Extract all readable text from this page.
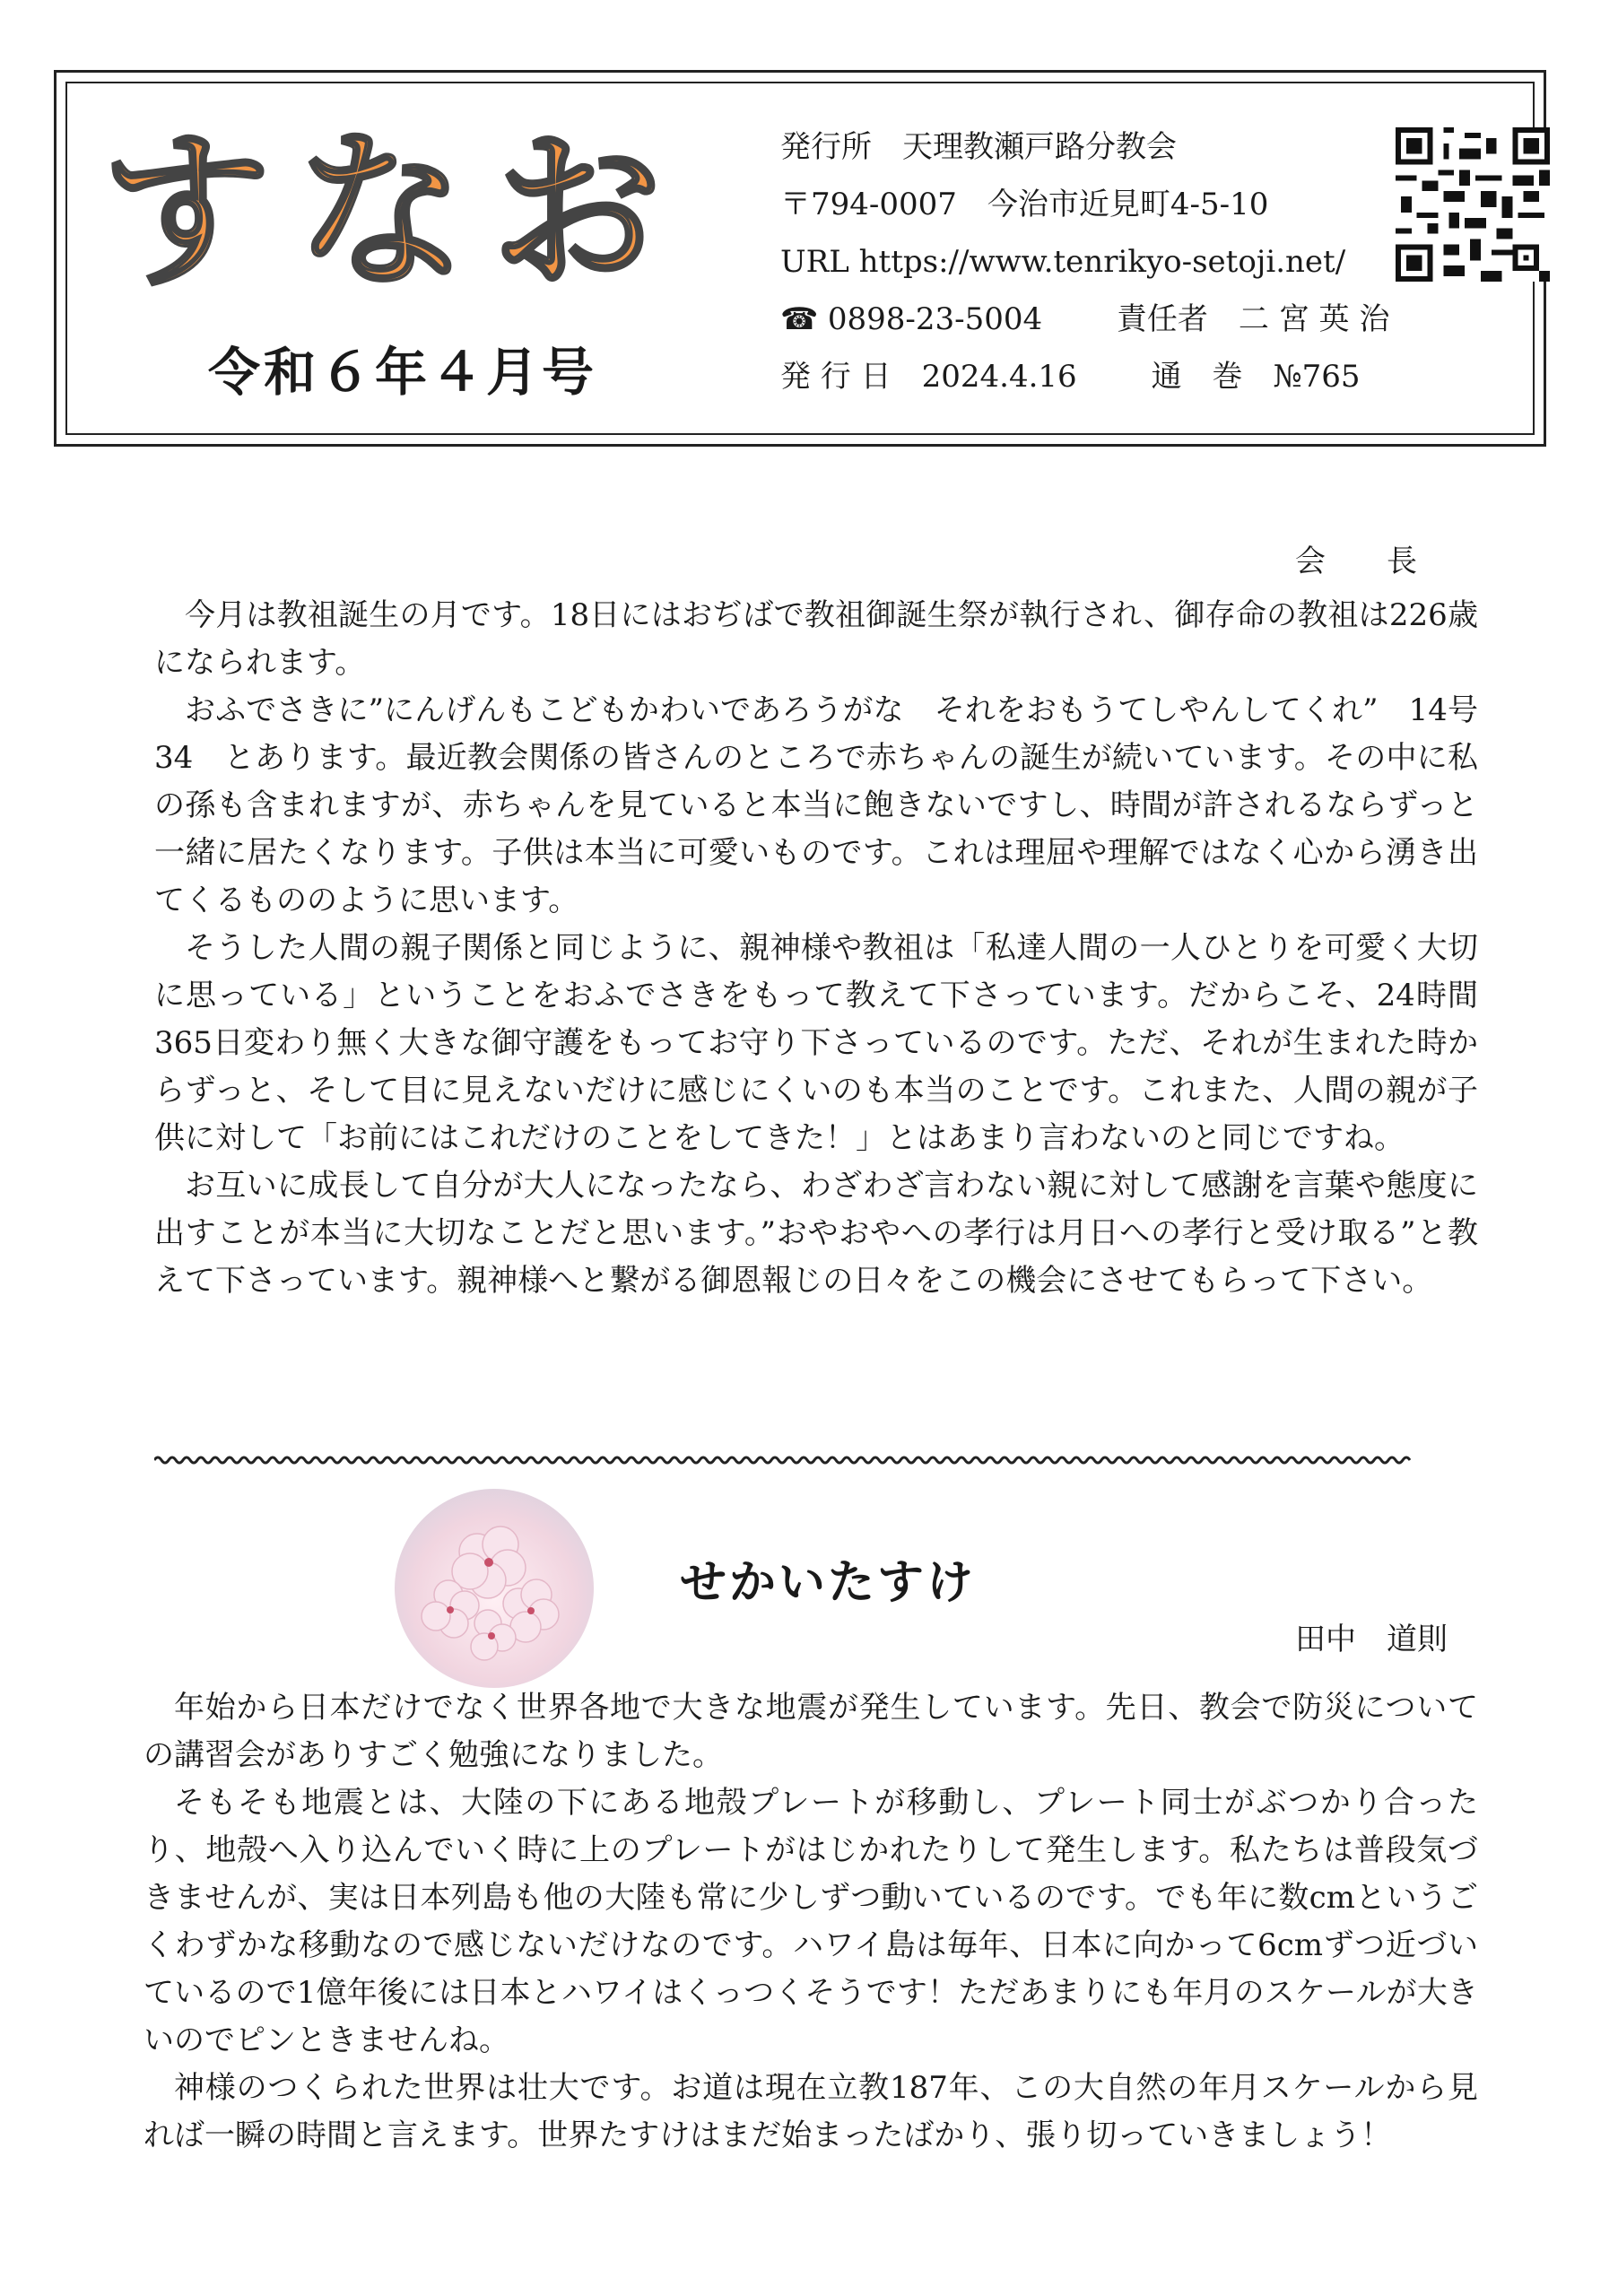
すなお
令和６年４月号
発行所　天理教瀬戸路分教会
〒794-0007　今治市近見町4-5-10
URL https://www.tenrikyo-setoji.net/
☎ 0898-23-5004 責任者　二 宮 英 治
発 行 日　2024.4.16 通　巻　№765
会　　長

今月は教祖誕生の月です。18日にはおぢばで教祖御誕生祭が執行され、御存命の教祖は226歳になられます。

おふでさきに”にんげんもこどもかわいであろうがな　それをおもうてしやんしてくれ”　14号34　とあります。最近教会関係の皆さんのところで赤ちゃんの誕生が続いています。その中に私の孫も含まれますが、赤ちゃんを見ていると本当に飽きないですし、時間が許されるならずっと一緒に居たくなります。子供は本当に可愛いものです。これは理屈や理解ではなく心から湧き出てくるもののように思います。

そうした人間の親子関係と同じように、親神様や教祖は「私達人間の一人ひとりを可愛く大切に思っている」ということをおふでさきをもって教えて下さっています。だからこそ、24時間365日変わり無く大きな御守護をもってお守り下さっているのです。ただ、それが生まれた時からずっと、そして目に見えないだけに感じにくいのも本当のことです。これまた、人間の親が子供に対して「お前にはこれだけのことをしてきた！」とはあまり言わないのと同じですね。

お互いに成長して自分が大人になったなら、わざわざ言わない親に対して感謝を言葉や態度に出すことが本当に大切なことだと思います。”おやおやへの孝行は月日への孝行と受け取る”と教えて下さっています。親神様へと繋がる御恩報じの日々をこの機会にさせてもらって下さい。

せかいたすけ
田中　道則

年始から日本だけでなく世界各地で大きな地震が発生しています。先日、教会で防災についての講習会がありすごく勉強になりました。

そもそも地震とは、大陸の下にある地殻プレートが移動し、プレート同士がぶつかり合ったり、地殻へ入り込んでいく時に上のプレートがはじかれたりして発生します。私たちは普段気づきませんが、実は日本列島も他の大陸も常に少しずつ動いているのです。でも年に数cmというごくわずかな移動なので感じないだけなのです。ハワイ島は毎年、日本に向かって6cmずつ近づいているので1億年後には日本とハワイはくっつくそうです！ただあまりにも年月のスケールが大きいのでピンときませんね。

神様のつくられた世界は壮大です。お道は現在立教187年、この大自然の年月スケールから見れば一瞬の時間と言えます。世界たすけはまだ始まったばかり、張り切っていきましょう！
